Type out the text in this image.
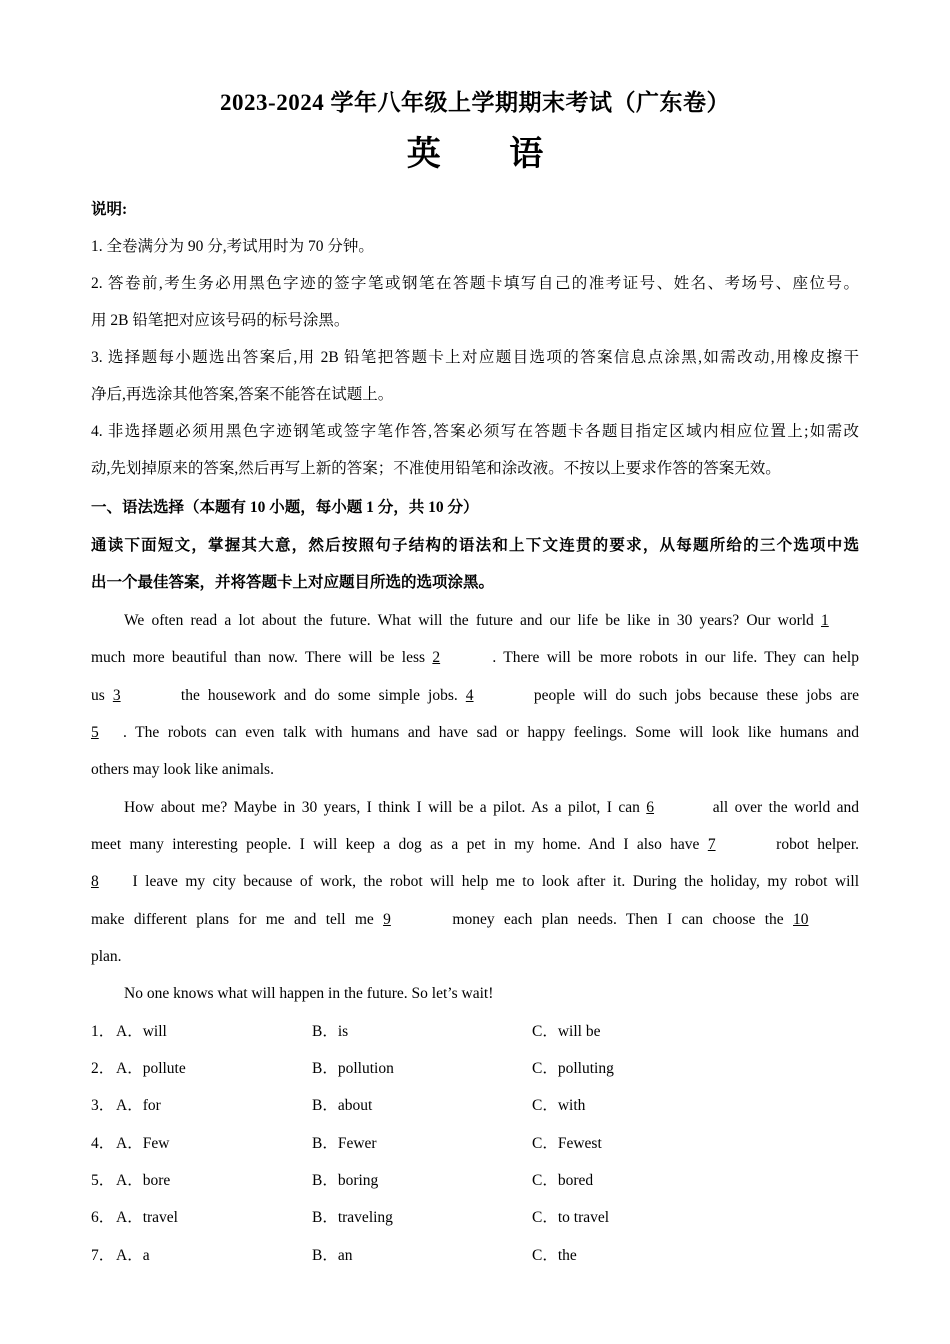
2023-2024 学年八年级上学期期末考试（广东卷）
英 语
说明:
1. 全卷满分为 90 分,考试用时为 70 分钟。
2. 答卷前,考生务必用黑色字迹的签字笔或钢笔在答题卡填写自己的准考证号、姓名、考场号、座位号。
用 2B 铅笔把对应该号码的标号涂黑。
3. 选择题每小题选出答案后,用 2B 铅笔把答题卡上对应题目选项的答案信息点涂黑,如需改动,用橡皮擦干
净后,再选涂其他答案,答案不能答在试题上。
4. 非选择题必须用黑色字迹钢笔或签字笔作答,答案必须写在答题卡各题目指定区域内相应位置上;如需改
动,先划掉原来的答案,然后再写上新的答案；不准使用铅笔和涂改液。不按以上要求作答的答案无效。
一、语法选择（本题有 10 小题，每小题 1 分，共 10 分）
通读下面短文，掌握其大意，然后按照句子结构的语法和上下文连贯的要求，从每题所给的三个选项中选
出一个最佳答案，并将答题卡上对应题目所选的选项涂黑。
We often read a lot about the future. What will the future and our life be like in 30 years? Our world 1
much more beautiful than now. There will be less 2	. There will be more robots in our life. They can help
us 3	the housework and do some simple jobs. 4	people will do such jobs because these jobs are
5 . The robots can even talk with humans and have sad or happy feelings. Some will look like humans and
others may look like animals.
How about me? Maybe in 30 years, I think I will be a pilot. As a pilot, I can 6	all over the world and
meet many interesting people. I will keep a dog as a pet in my home. And I also have 7	robot helper.
8 I leave my city because of work, the robot will help me to look after it. During the holiday, my robot will
make different plans for me and tell me 9	money each plan needs. Then I can choose the 10
plan.
No one knows what will happen in the future. So let’s wait!
1． A．will	B．is	C．will be
2． A．pollute	B．pollution	C．polluting
3． A．for	B．about	C．with
4． A．Few	B．Fewer	C．Fewest
5． A．bore	B．boring	C．bored
6． A．travel	B．traveling	C．to travel
7． A．a	B．an	C．the
